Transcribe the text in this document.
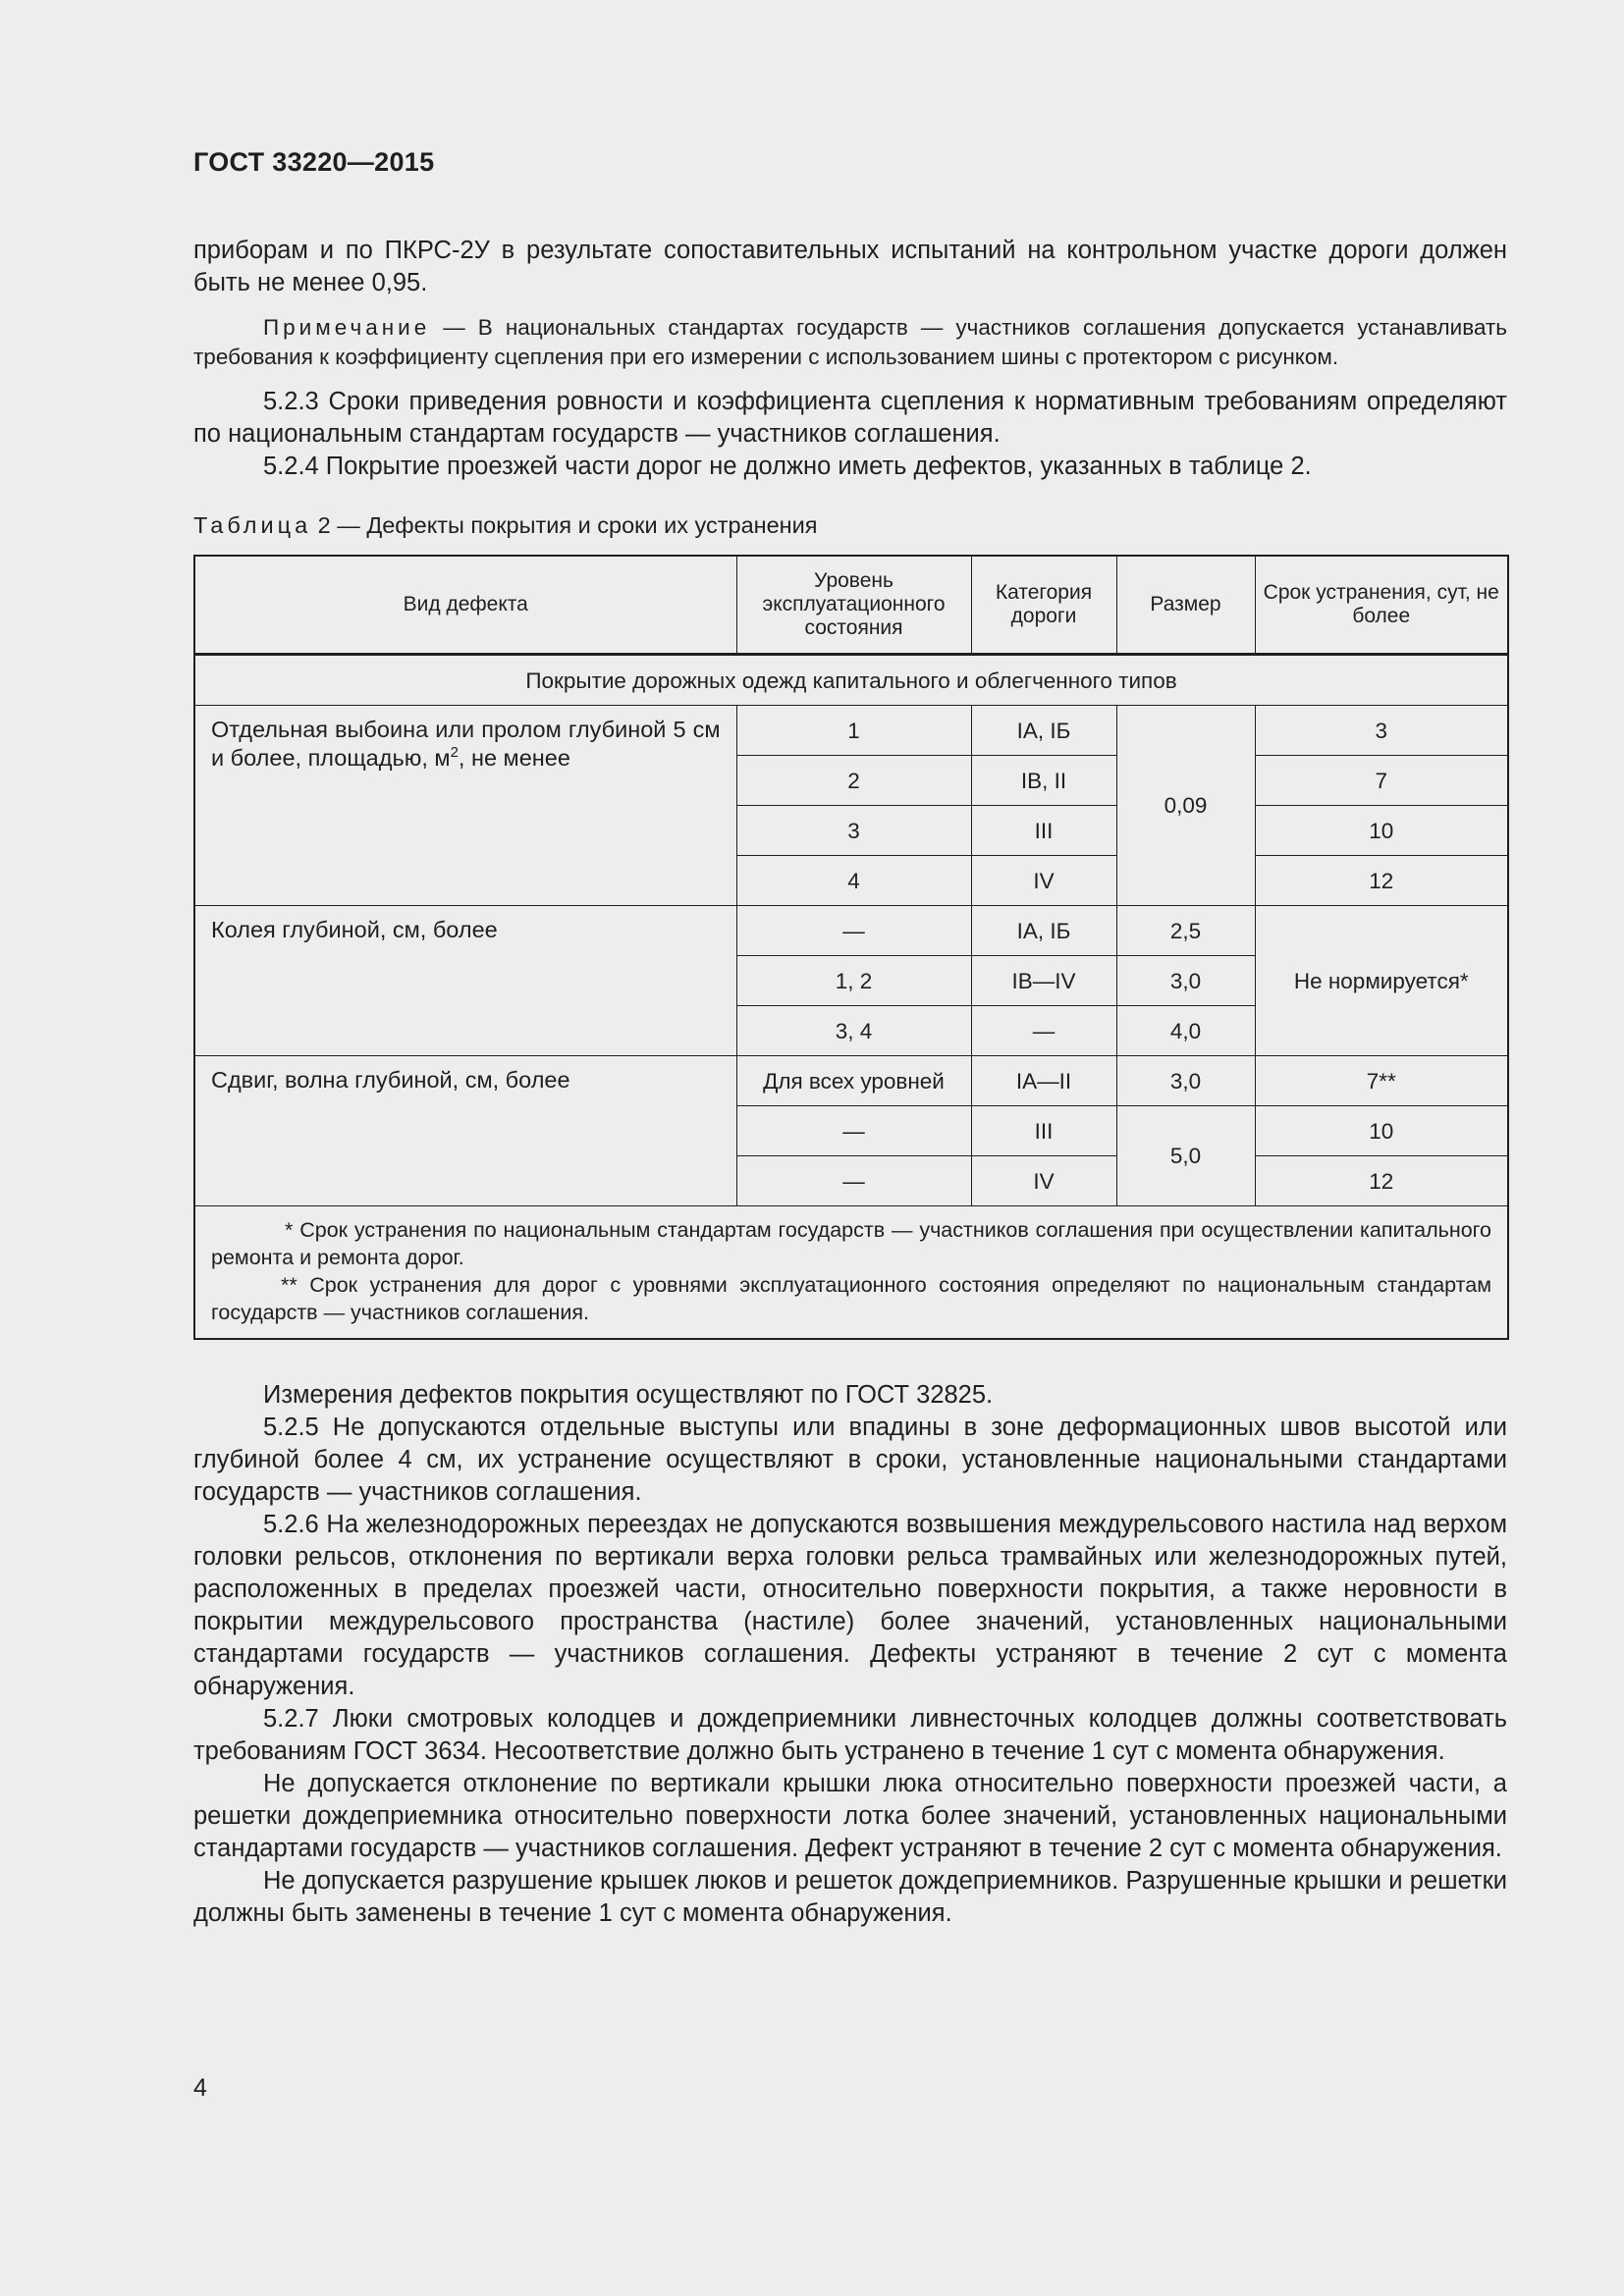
ГОСТ 33220—2015

приборам и по ПКРС-2У в результате сопоставительных испытаний на контрольном участке дороги должен быть не менее 0,95.

Примечание — В национальных стандартах государств — участников соглашения допускается устанавливать требования к коэффициенту сцепления при его измерении с использованием шины с протектором с рисунком.

5.2.3 Сроки приведения ровности и коэффициента сцепления к нормативным требованиям определяют по национальным стандартам государств — участников соглашения.

5.2.4 Покрытие проезжей части дорог не должно иметь дефектов, указанных в таблице 2.

Таблица 2 — Дефекты покрытия и сроки их устранения
Вид дефекта	Уровень эксплуатационного состояния	Категория дороги	Размер	Срок устранения, сут, не более
Покрытие дорожных одежд капитального и облегченного типов				
Отдельная выбоина или пролом глубиной 5 см и более, площадью, $м^2$, не менее	1	IА, IБ	0,09	3
	2	IВ, II		7
	3	III		10
	4	IV		12
Колея глубиной, см, более	—	IА, IБ	2,5	Не нормируется*
	1, 2	IВ—IV	3,0	
	3, 4	—	4,0	
Сдвиг, волна глубиной, см, более	Для всех уровней	IА—II	3,0	7**
	—	III	5,0	10
	—	IV		12

* Срок устранения по национальным стандартам государств — участников соглашения при осуществлении капитального ремонта и ремонта дорог.
** Срок устранения для дорог с уровнями эксплуатационного состояния определяют по национальным стандартам государств — участников соглашения.				

Измерения дефектов покрытия осуществляют по ГОСТ 32825.

5.2.5 Не допускаются отдельные выступы или впадины в зоне деформационных швов высотой или глубиной более 4 см, их устранение осуществляют в сроки, установленные национальными стандартами государств — участников соглашения.

5.2.6 На железнодорожных переездах не допускаются возвышения междурельсового настила над верхом головки рельсов, отклонения по вертикали верха головки рельса трамвайных или железнодорожных путей, расположенных в пределах проезжей части, относительно поверхности покрытия, а также неровности в покрытии междурельсового пространства (настиле) более значений, установленных национальными стандартами государств — участников соглашения. Дефекты устраняют в течение 2 сут с момента обнаружения.

5.2.7 Люки смотровых колодцев и дождеприемники ливнесточных колодцев должны соответствовать требованиям ГОСТ 3634. Несоответствие должно быть устранено в течение 1 сут с момента обнаружения.

Не допускается отклонение по вертикали крышки люка относительно поверхности проезжей части, а решетки дождеприемника относительно поверхности лотка более значений, установленных национальными стандартами государств — участников соглашения. Дефект устраняют в течение 2 сут с момента обнаружения.

Не допускается разрушение крышек люков и решеток дождеприемников. Разрушенные крышки и решетки должны быть заменены в течение 1 сут с момента обнаружения.

4
